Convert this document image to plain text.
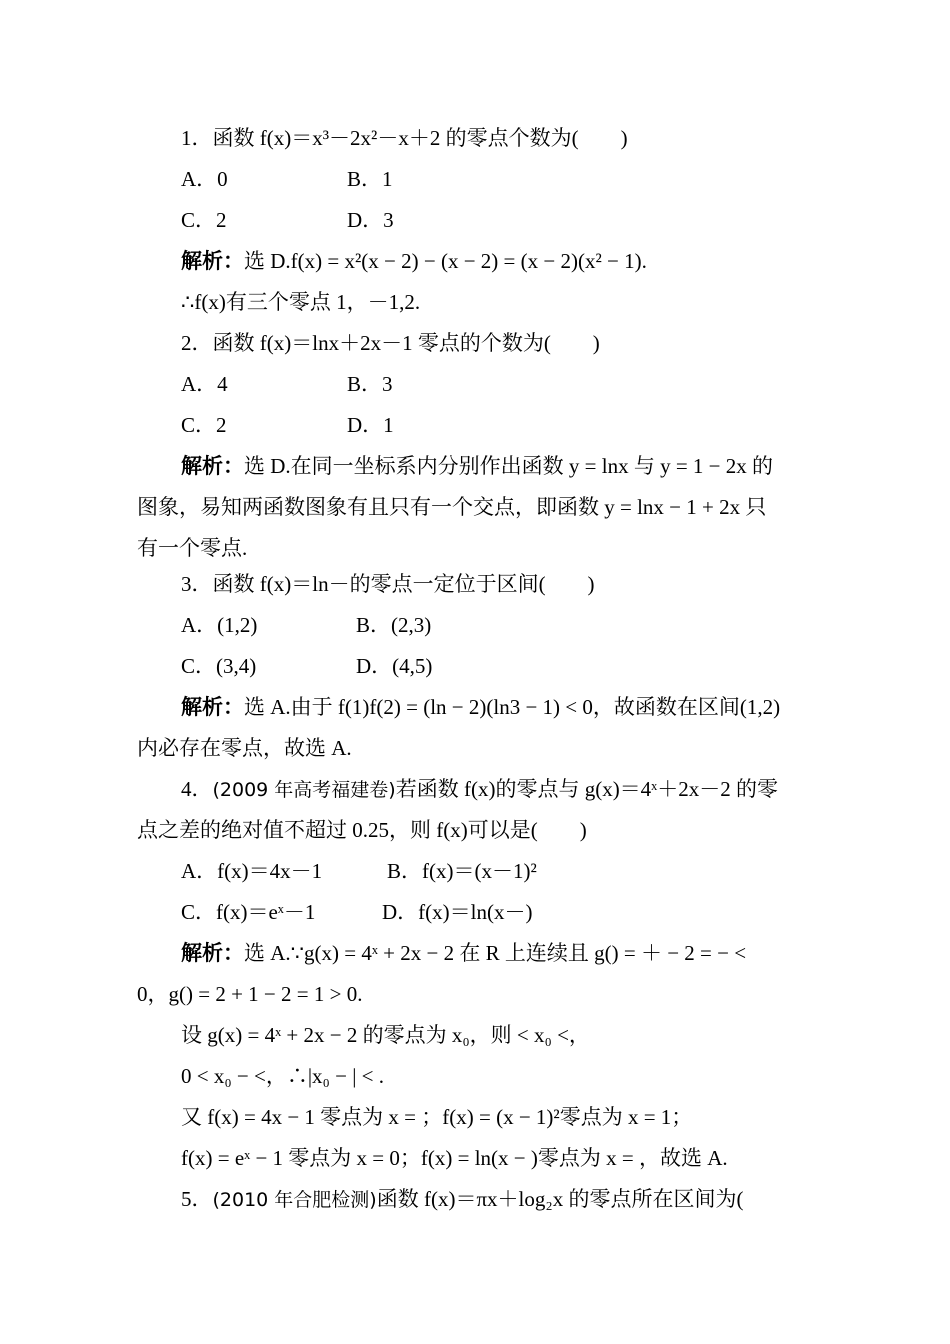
1．函数 f(x)＝x³－2x²－x＋2 的零点个数为(　　)
A．0	B．1
C．2	D．3
解析：选 D.f(x) = x²(x − 2) − (x − 2) = (x − 2)(x² − 1).
∴f(x)有三个零点 1，－1,2.
2．函数 f(x)＝lnx＋2x－1 零点的个数为(　　)
A．4	B．3
C．2	D．1
解析：选 D.在同一坐标系内分别作出函数 y = lnx 与 y = 1 − 2x 的
图象，易知两函数图象有且只有一个交点，即函数 y = lnx − 1 + 2x 只
有一个零点.
3．函数 f(x)＝ln－的零点一定位于区间(　　)
A．(1,2)	B．(2,3)
C．(3,4)	D．(4,5)
解析：选 A.由于 f(1)f(2) = (ln − 2)(ln3 − 1) < 0，故函数在区间(1,2)
内必存在零点，故选 A.
4．(2009 年高考福建卷)若函数 f(x)的零点与 g(x)＝4ˣ＋2x－2 的零
点之差的绝对值不超过 0.25，则 f(x)可以是(　　)
A．f(x)＝4x－1	B．f(x)＝(x－1)²
C．f(x)＝eˣ－1	D．f(x)＝ln(x－)
解析：选 A.∵g(x) = 4ˣ + 2x − 2 在 R 上连续且 g() = ＋ − 2 = − <
0，g() = 2 + 1 − 2 = 1 > 0.
设 g(x) = 4ˣ + 2x − 2 的零点为 x₀，则 < x₀ <，
0 < x₀ − <，∴|x₀ − | < .
又 f(x) = 4x − 1 零点为 x = ；f(x) = (x − 1)²零点为 x = 1；
f(x) = eˣ − 1 零点为 x = 0；f(x) = ln(x − )零点为 x = ，故选 A.
5．(2010 年合肥检测)函数 f(x)＝πx＋log₂x 的零点所在区间为(
